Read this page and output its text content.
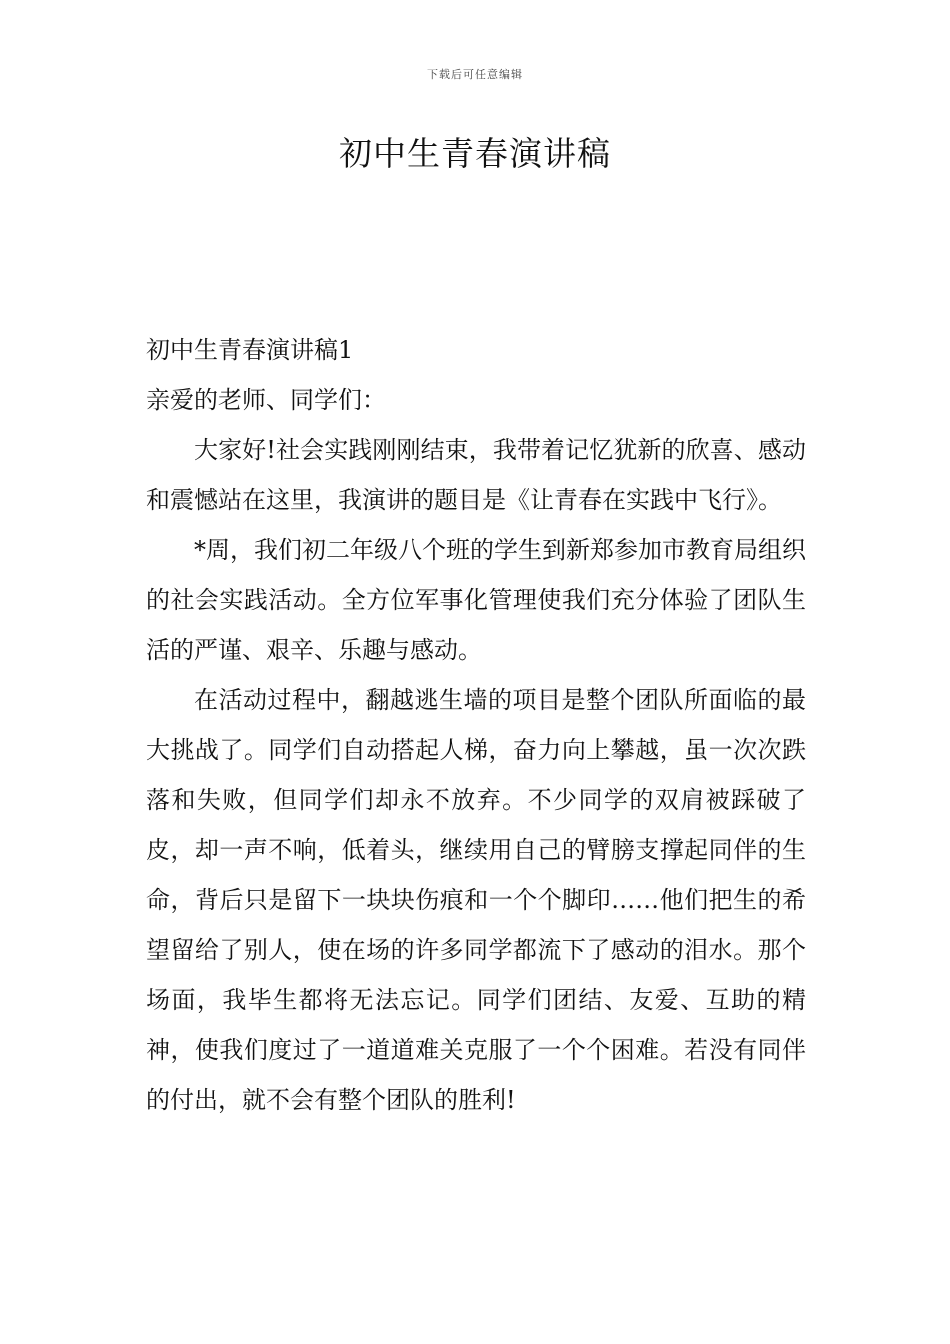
下载后可任意编辑
初中生青春演讲稿

初中生青春演讲稿1

亲爱的老师、同学们：

大家好!社会实践刚刚结束，我带着记忆犹新的欣喜、感动和震憾站在这里，我演讲的题目是《让青春在实践中飞行》。

*周，我们初二年级八个班的学生到新郑参加市教育局组织的社会实践活动。全方位军事化管理使我们充分体验了团队生活的严谨、艰辛、乐趣与感动。

在活动过程中，翻越逃生墙的项目是整个团队所面临的最大挑战了。同学们自动搭起人梯，奋力向上攀越，虽一次次跌落和失败，但同学们却永不放弃。不少同学的双肩被踩破了皮，却一声不响，低着头，继续用自己的臂膀支撑起同伴的生命，背后只是留下一块块伤痕和一个个脚印……他们把生的希望留给了别人，使在场的许多同学都流下了感动的泪水。那个场面，我毕生都将无法忘记。同学们团结、友爱、互助的精神，使我们度过了一道道难关克服了一个个困难。若没有同伴的付出，就不会有整个团队的胜利!
